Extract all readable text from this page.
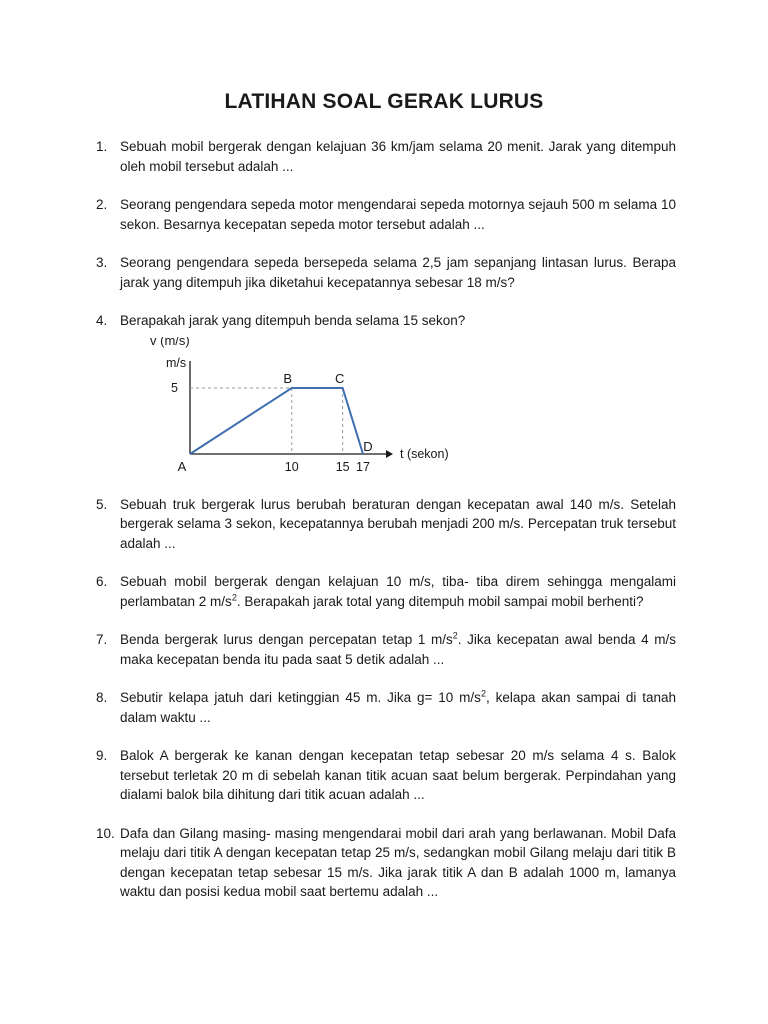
LATIHAN SOAL GERAK LURUS
1. Sebuah mobil bergerak dengan kelajuan 36 km/jam selama 20 menit. Jarak yang ditempuh oleh mobil tersebut adalah ...
2. Seorang pengendara sepeda motor mengendarai sepeda motornya sejauh 500 m selama 10 sekon. Besarnya kecepatan sepeda motor tersebut adalah ...
3. Seorang pengendara sepeda bersepeda selama 2,5 jam sepanjang lintasan lurus. Berapa jarak yang ditempuh jika diketahui kecepatannya sebesar 18 m/s?
4. Berapakah jarak yang ditempuh benda selama 15 sekon?
v (m/s)
m/s
t (sekon)
5
10	15 17
A
B	C
D
5. Sebuah truk bergerak lurus berubah beraturan dengan kecepatan awal 140 m/s. Setelah bergerak selama 3 sekon, kecepatannya berubah menjadi 200 m/s. Percepatan truk tersebut adalah ...
6. Sebuah mobil bergerak dengan kelajuan 10 m/s, tiba- tiba direm sehingga mengalami perlambatan 2 $m/s^2$. Berapakah jarak total yang ditempuh mobil sampai mobil berhenti?
7. Benda bergerak lurus dengan percepatan tetap 1 $m/s^2$. Jika kecepatan awal benda 4 m/s maka kecepatan benda itu pada saat 5 detik adalah ...
8. Sebutir kelapa jatuh dari ketinggian 45 m. Jika g= 10 $m/s^2$, kelapa akan sampai di tanah dalam waktu ...
9. Balok A bergerak ke kanan dengan kecepatan tetap sebesar 20 m/s selama 4 s. Balok tersebut terletak 20 m di sebelah kanan titik acuan saat belum bergerak. Perpindahan yang dialami balok bila dihitung dari titik acuan adalah ...
10. Dafa dan Gilang masing- masing mengendarai mobil dari arah yang berlawanan. Mobil Dafa melaju dari titik A dengan kecepatan tetap 25 m/s, sedangkan mobil Gilang melaju dari titik B dengan kecepatan tetap sebesar 15 m/s. Jika jarak titik A dan B adalah 1000 m, lamanya waktu dan posisi kedua mobil saat bertemu adalah ...
